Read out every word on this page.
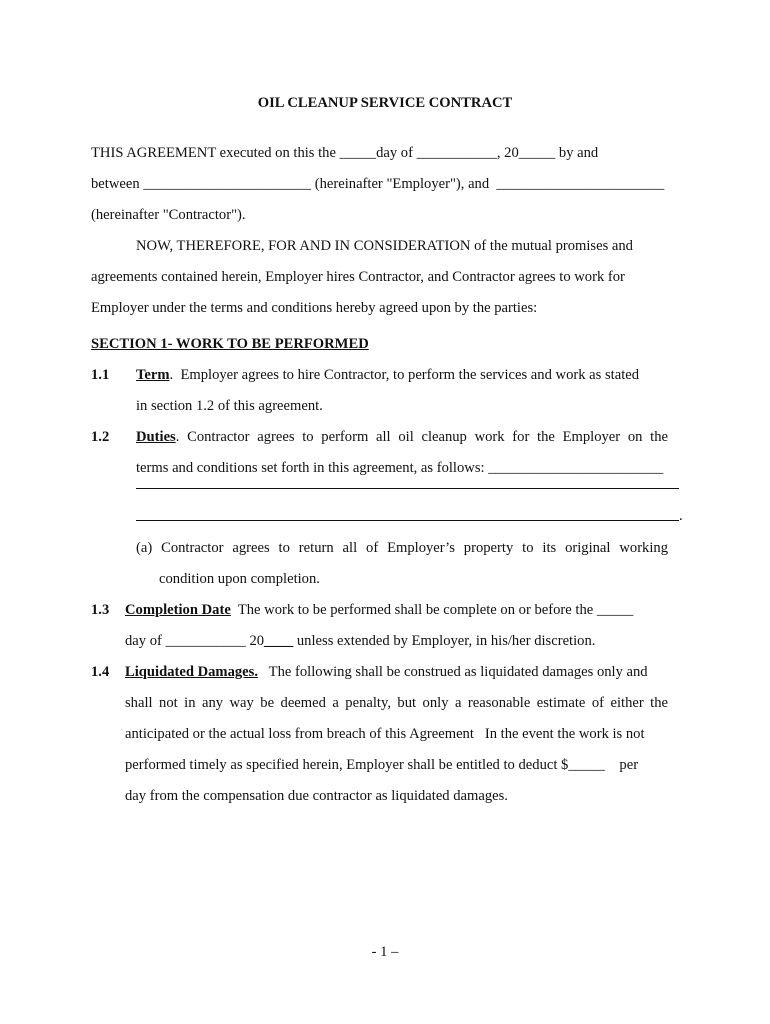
OIL CLEANUP SERVICE CONTRACT
THIS AGREEMENT executed on this the _____day of ___________, 20_____ by and
between _______________________ (hereinafter "Employer"), and  _______________________
(hereinafter "Contractor").
NOW, THEREFORE, FOR AND IN CONSIDERATION of the mutual promises and
agreements contained herein, Employer hires Contractor, and Contractor agrees to work for
Employer under the terms and conditions hereby agreed upon by the parties:
SECTION 1- WORK TO BE PERFORMED
1.1 Term.  Employer agrees to hire Contractor, to perform the services and work as stated
in section 1.2 of this agreement.
1.2 Duties. Contractor agrees to perform all oil cleanup work for the Employer on the
terms and conditions set forth in this agreement, as follows: ________________________
.
(a) Contractor agrees to return all of Employer’s property to its original working
condition upon completion.
1.3 Completion Date  The work to be performed shall be complete on or before the _____
day of ___________ 20____ unless extended by Employer, in his/her discretion.
1.4 Liquidated Damages.   The following shall be construed as liquidated damages only and
shall not in any way be deemed a penalty, but only a reasonable estimate of either the
anticipated or the actual loss from breach of this Agreement   In the event the work is not
performed timely as specified herein, Employer shall be entitled to deduct $_____    per
day from the compensation due contractor as liquidated damages.
- 1 –
